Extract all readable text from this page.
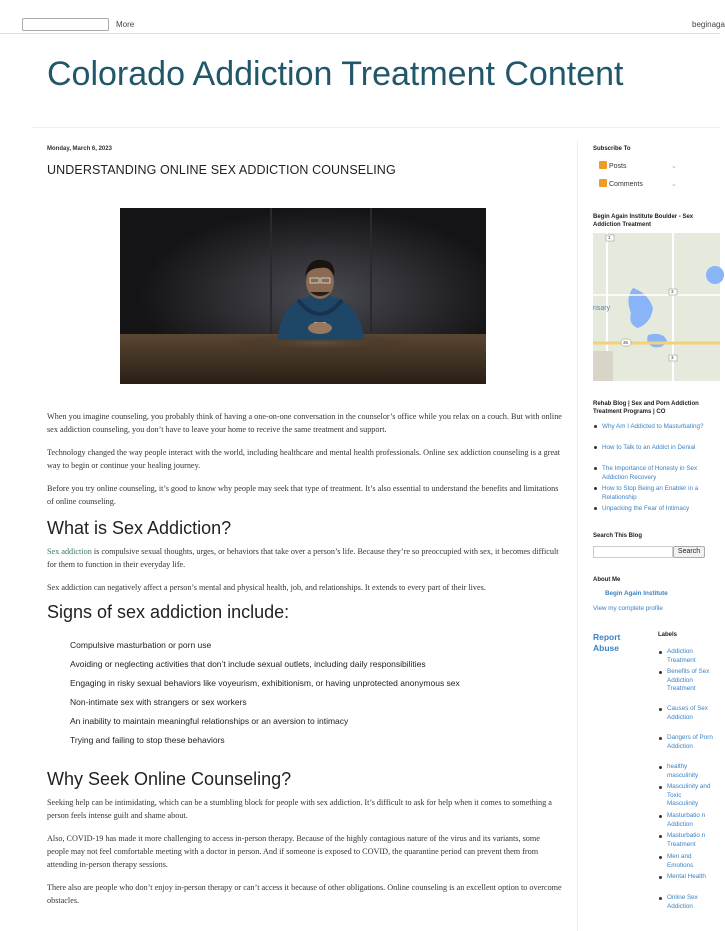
More	beginaga
Colorado Addiction Treatment Content
Monday, March 6, 2023
UNDERSTANDING ONLINE SEX ADDICTION COUNSELING

When you imagine counseling, you probably think of having a one-on-one conversation in the counselor’s office while you relax on a couch. But with online sex addiction counseling, you don’t have to leave your home to receive the same treatment and support.

Technology changed the way people interact with the world, including healthcare and mental health professionals. Online sex addiction counseling is a great way to begin or continue your healing journey.

Before you try online counseling, it’s good to know why people may seek that type of treatment. It’s also essential to understand the benefits and limitations of online counseling.

What is Sex Addiction?

Sex addiction is compulsive sexual thoughts, urges, or behaviors that take over a person’s life. Because they’re so preoccupied with sex, it becomes difficult for them to function in their everyday life.

Sex addiction can negatively affect a person’s mental and physical health, job, and relationships. It extends to every part of their lives.

Signs of sex addiction include:
Compulsive masturbation or porn use
Avoiding or neglecting activities that don’t include sexual outlets, including daily responsibilities
Engaging in risky sexual behaviors like voyeurism, exhibitionism, or having unprotected anonymous sex
Non-intimate sex with strangers or sex workers
An inability to maintain meaningful relationships or an aversion to intimacy
Trying and failing to stop these behaviors
Why Seek Online Counseling?

Seeking help can be intimidating, which can be a stumbling block for people with sex addiction. It’s difficult to ask for help when it comes to something a person feels intense guilt and shame about.

Also, COVID-19 has made it more challenging to access in-person therapy. Because of the highly contagious nature of the virus and its variants, some people may not feel comfortable meeting with a doctor in person. And if someone is exposed to COVID, the quarantine period can prevent them from attending in-person therapy sessions.

There also are people who don’t enjoy in-person therapy or can’t access it because of other obligations. Online counseling is an excellent option to overcome obstacles.

Subscribe To
Posts	⌄
Comments	⌄
Begin Again Institute Boulder - Sex Addiction Treatment
nsary
1
3
36
3
Rehab Blog | Sex and Porn Addiction Treatment Programs | CO
Why Am I Addicted to Masturbating?
How to Talk to an Addict in Denial
The Importance of Honesty in Sex Addiction Recovery
How to Stop Being an Enabler in a Relationship
Unpacking the Fear of Intimacy
Search This Blog
Search
About Me
Begin Again Institute
View my complete profile
Report Abuse
Labels
Addiction Treatment
Benefits of Sex Addiction Treatment
Causes of Sex Addiction
Dangers of Porn Addiction
healthy masculinity
Masculinity and Toxic Masculinity
Masturbatio n Addiction
Masturbatio n Treatment
Men and Emotions
Mental Health
Online Sex Addiction
